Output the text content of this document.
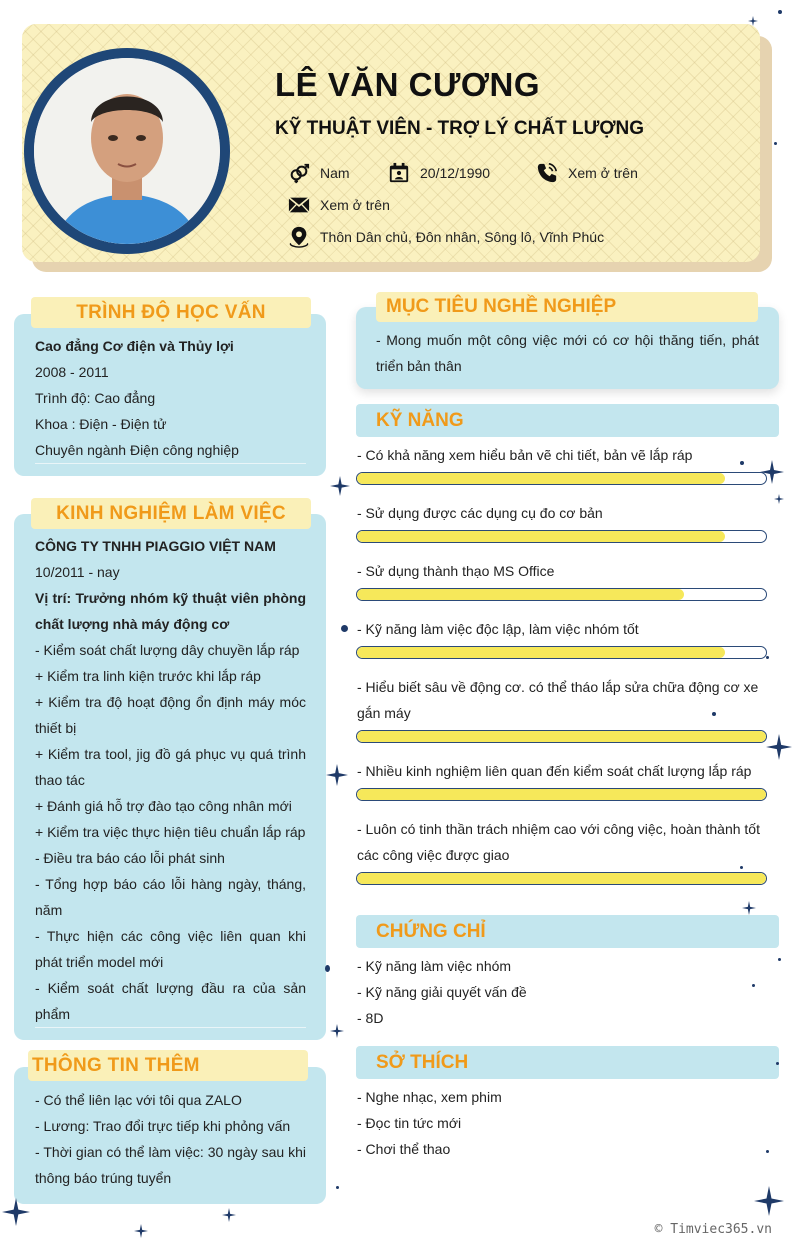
LÊ VĂN CƯƠNG
KỸ THUẬT VIÊN - TRỢ LÝ CHẤT LƯỢNG
Nam	20/12/1990	Xem ở trên
Xem ở trên
Thôn Dân chủ, Đôn nhân, Sông lô, Vĩnh Phúc
TRÌNH ĐỘ HỌC VẤN
Cao đẳng Cơ điện và Thủy lợi
2008 - 2011
Trình độ: Cao đẳng
Khoa : Điện - Điện tử
Chuyên ngành Điện công nghiệp
KINH NGHIỆM LÀM VIỆC
CÔNG TY TNHH PIAGGIO VIỆT NAM
10/2011 - nay
Vị trí: Trưởng nhóm kỹ thuật viên phòng chất lượng nhà máy động cơ
- Kiểm soát chất lượng dây chuyền lắp ráp
+ Kiểm tra linh kiện trước khi lắp ráp
+ Kiểm tra độ hoạt động ổn định máy móc thiết bị
+ Kiểm tra tool, jig đồ gá phục vụ quá trình thao tác
+ Đánh giá hỗ trợ đào tạo công nhân mới
+ Kiểm tra việc thực hiện tiêu chuẩn lắp ráp
- Điều tra báo cáo lỗi phát sinh
- Tổng hợp báo cáo lỗi hàng ngày, tháng, năm
- Thực hiện các công việc liên quan khi phát triển model mới
- Kiểm soát chất lượng đầu ra của sản phẩm
THÔNG TIN THÊM
- Có thể liên lạc với tôi qua ZALO
- Lương: Trao đổi trực tiếp khi phỏng vấn
- Thời gian có thể làm việc: 30 ngày sau khi thông báo trúng tuyển
MỤC TIÊU NGHỀ NGHIỆP
- Mong muốn một công việc mới có cơ hội thăng tiến, phát triển bản thân
KỸ NĂNG
- Có khả năng xem hiểu bản vẽ chi tiết, bản vẽ lắp ráp
- Sử dụng được các dụng cụ đo cơ bản
- Sử dụng thành thạo MS Office
- Kỹ năng làm việc độc lập, làm việc nhóm tốt
- Hiểu biết sâu về động cơ. có thể tháo lắp sửa chữa động cơ xe gắn máy
- Nhiều kinh nghiệm liên quan đến kiểm soát chất lượng lắp ráp
- Luôn có tinh thần trách nhiệm cao với công việc, hoàn thành tốt các công việc được giao
CHỨNG CHỈ
- Kỹ năng làm việc nhóm
- Kỹ năng giải quyết vấn đề
- 8D
SỞ THÍCH
- Nghe nhạc, xem phim
- Đọc tin tức mới
- Chơi thể thao
© Timviec365.vn
